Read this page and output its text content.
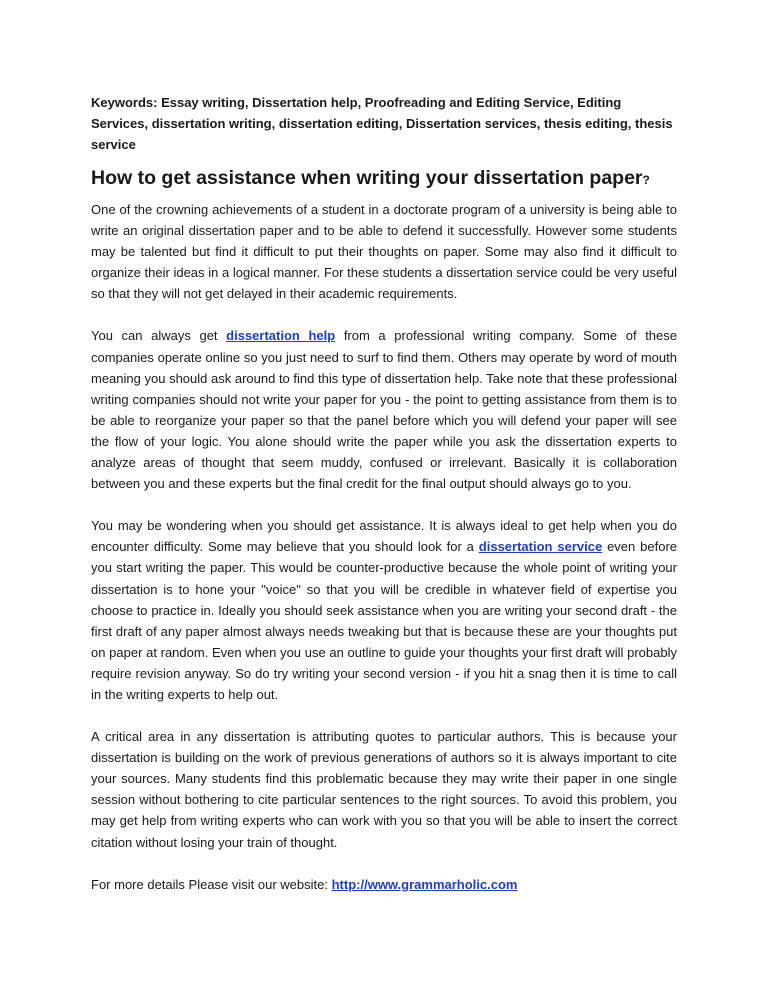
Keywords: Essay writing, Dissertation help, Proofreading and Editing Service, Editing Services, dissertation writing, dissertation editing, Dissertation services, thesis editing, thesis service

How to get assistance when writing your dissertation paper?

One of the crowning achievements of a student in a doctorate program of a university is being able to write an original dissertation paper and to be able to defend it successfully. However some students may be talented but find it difficult to put their thoughts on paper. Some may also find it difficult to organize their ideas in a logical manner. For these students a dissertation service could be very useful so that they will not get delayed in their academic requirements.

You can always get dissertation help from a professional writing company. Some of these companies operate online so you just need to surf to find them. Others may operate by word of mouth meaning you should ask around to find this type of dissertation help. Take note that these professional writing companies should not write your paper for you - the point to getting assistance from them is to be able to reorganize your paper so that the panel before which you will defend your paper will see the flow of your logic. You alone should write the paper while you ask the dissertation experts to analyze areas of thought that seem muddy, confused or irrelevant. Basically it is collaboration between you and these experts but the final credit for the final output should always go to you.

You may be wondering when you should get assistance. It is always ideal to get help when you do encounter difficulty. Some may believe that you should look for a dissertation service even before you start writing the paper. This would be counter-productive because the whole point of writing your dissertation is to hone your "voice" so that you will be credible in whatever field of expertise you choose to practice in. Ideally you should seek assistance when you are writing your second draft - the first draft of any paper almost always needs tweaking but that is because these are your thoughts put on paper at random. Even when you use an outline to guide your thoughts your first draft will probably require revision anyway. So do try writing your second version - if you hit a snag then it is time to call in the writing experts to help out.

A critical area in any dissertation is attributing quotes to particular authors. This is because your dissertation is building on the work of previous generations of authors so it is always important to cite your sources. Many students find this problematic because they may write their paper in one single session without bothering to cite particular sentences to the right sources. To avoid this problem, you may get help from writing experts who can work with you so that you will be able to insert the correct citation without losing your train of thought.

For more details Please visit our website: http://www.grammarholic.com
